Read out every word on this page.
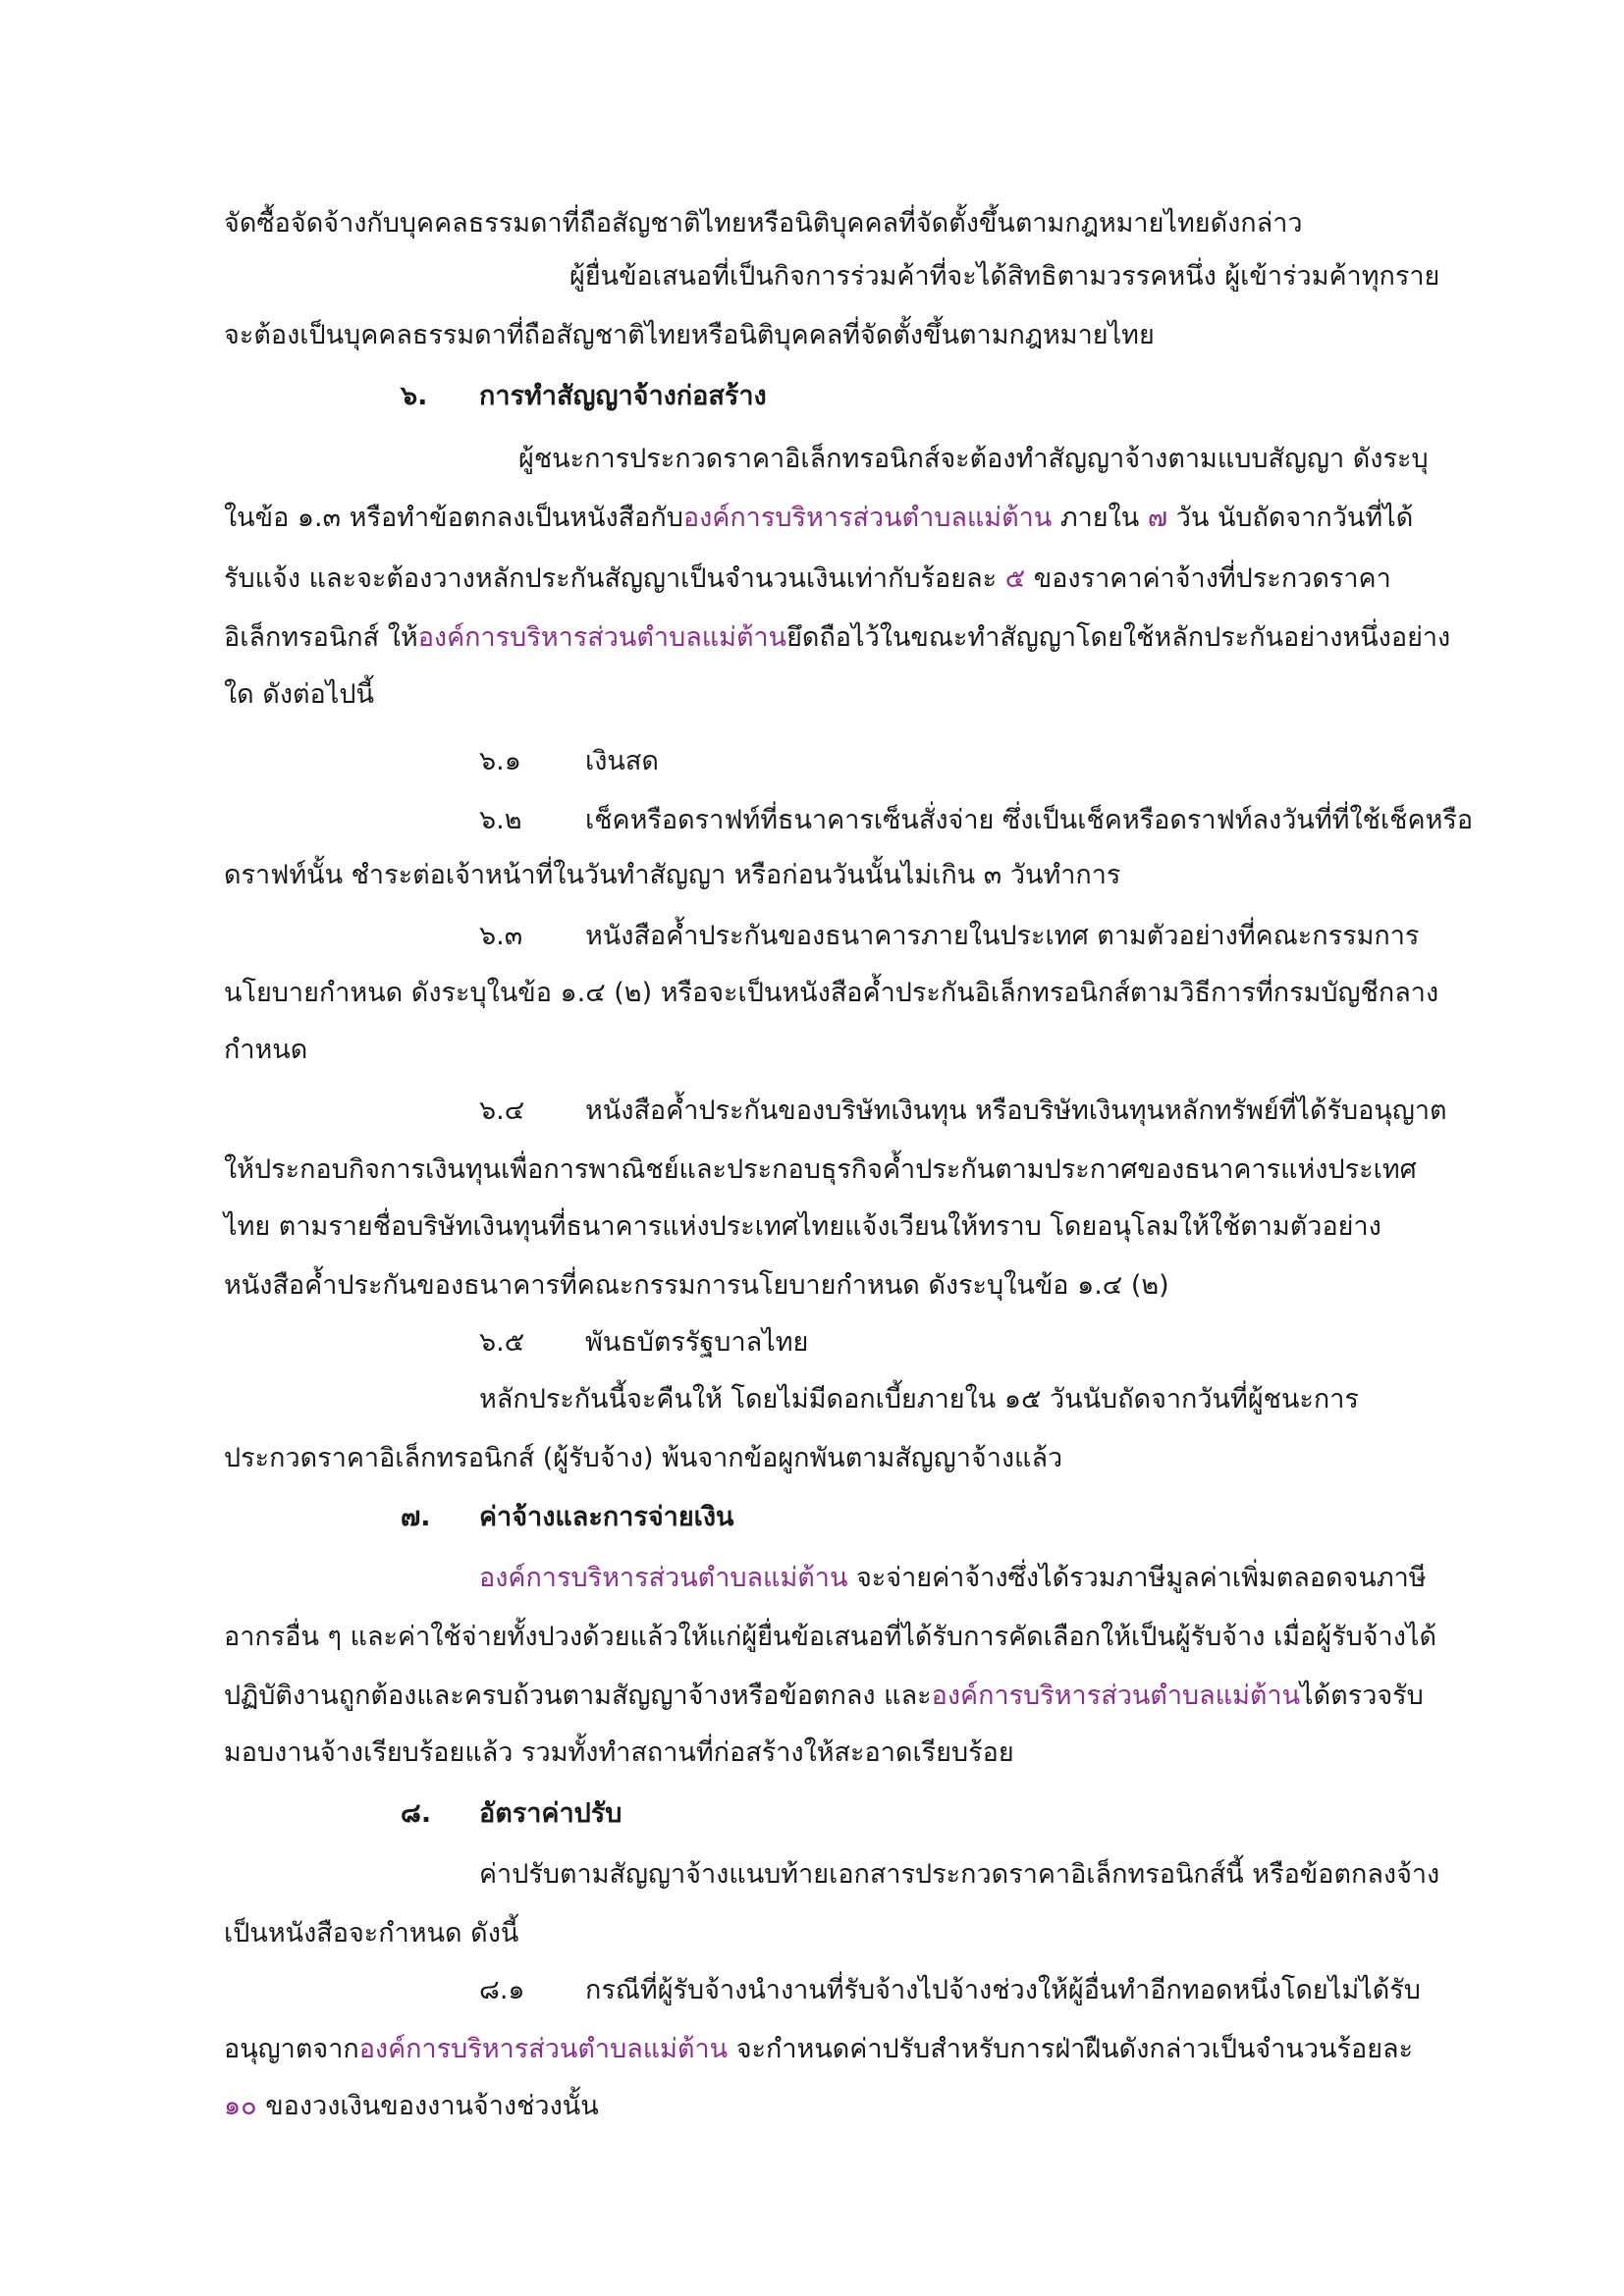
จัดซื้อจัดจ้างกับบุคคลธรรมดาที่ถือสัญชาติไทยหรือนิติบุคคลที่จัดตั้งขึ้นตามกฎหมายไทยดังกล่าว
ผู้ยื่นข้อเสนอที่เป็นกิจการร่วมค้าที่จะได้สิทธิตามวรรคหนึ่ง ผู้เข้าร่วมค้าทุกราย
จะต้องเป็นบุคคลธรรมดาที่ถือสัญชาติไทยหรือนิติบุคคลที่จัดตั้งขึ้นตามกฎหมายไทย
๖. การทำสัญญาจ้างก่อสร้าง
ผู้ชนะการประกวดราคาอิเล็กทรอนิกส์จะต้องทำสัญญาจ้างตามแบบสัญญา ดังระบุ
ในข้อ ๑.๓ หรือทำข้อตกลงเป็นหนังสือกับองค์การบริหารส่วนตำบลแม่ต้าน ภายใน ๗ วัน นับถัดจากวันที่ได้
รับแจ้ง และจะต้องวางหลักประกันสัญญาเป็นจำนวนเงินเท่ากับร้อยละ ๕ ของราคาค่าจ้างที่ประกวดราคา
อิเล็กทรอนิกส์ ให้องค์การบริหารส่วนตำบลแม่ต้านยึดถือไว้ในขณะทำสัญญาโดยใช้หลักประกันอย่างหนึ่งอย่าง
ใด ดังต่อไปนี้
๖.๑ เงินสด
๖.๒ เช็คหรือดราฟท์ที่ธนาคารเซ็นสั่งจ่าย ซึ่งเป็นเช็คหรือดราฟท์ลงวันที่ที่ใช้เช็คหรือ
ดราฟท์นั้น ชำระต่อเจ้าหน้าที่ในวันทำสัญญา หรือก่อนวันนั้นไม่เกิน ๓ วันทำการ
๖.๓ หนังสือค้ำประกันของธนาคารภายในประเทศ ตามตัวอย่างที่คณะกรรมการ
นโยบายกำหนด ดังระบุในข้อ ๑.๔ (๒) หรือจะเป็นหนังสือค้ำประกันอิเล็กทรอนิกส์ตามวิธีการที่กรมบัญชีกลาง
กำหนด
๖.๔ หนังสือค้ำประกันของบริษัทเงินทุน หรือบริษัทเงินทุนหลักทรัพย์ที่ได้รับอนุญาต
ให้ประกอบกิจการเงินทุนเพื่อการพาณิชย์และประกอบธุรกิจค้ำประกันตามประกาศของธนาคารแห่งประเทศ
ไทย ตามรายชื่อบริษัทเงินทุนที่ธนาคารแห่งประเทศไทยแจ้งเวียนให้ทราบ โดยอนุโลมให้ใช้ตามตัวอย่าง
หนังสือค้ำประกันของธนาคารที่คณะกรรมการนโยบายกำหนด ดังระบุในข้อ ๑.๔ (๒)
๖.๕ พันธบัตรรัฐบาลไทย
หลักประกันนี้จะคืนให้ โดยไม่มีดอกเบี้ยภายใน ๑๕ วันนับถัดจากวันที่ผู้ชนะการ
ประกวดราคาอิเล็กทรอนิกส์ (ผู้รับจ้าง) พ้นจากข้อผูกพันตามสัญญาจ้างแล้ว
๗. ค่าจ้างและการจ่ายเงิน
องค์การบริหารส่วนตำบลแม่ต้าน จะจ่ายค่าจ้างซึ่งได้รวมภาษีมูลค่าเพิ่มตลอดจนภาษี
อากรอื่น ๆ และค่าใช้จ่ายทั้งปวงด้วยแล้วให้แก่ผู้ยื่นข้อเสนอที่ได้รับการคัดเลือกให้เป็นผู้รับจ้าง เมื่อผู้รับจ้างได้
ปฏิบัติงานถูกต้องและครบถ้วนตามสัญญาจ้างหรือข้อตกลง และองค์การบริหารส่วนตำบลแม่ต้านได้ตรวจรับ
มอบงานจ้างเรียบร้อยแล้ว รวมทั้งทำสถานที่ก่อสร้างให้สะอาดเรียบร้อย
๘. อัตราค่าปรับ
ค่าปรับตามสัญญาจ้างแนบท้ายเอกสารประกวดราคาอิเล็กทรอนิกส์นี้ หรือข้อตกลงจ้าง
เป็นหนังสือจะกำหนด ดังนี้
๘.๑ กรณีที่ผู้รับจ้างนำงานที่รับจ้างไปจ้างช่วงให้ผู้อื่นทำอีกทอดหนึ่งโดยไม่ได้รับ
อนุญาตจากองค์การบริหารส่วนตำบลแม่ต้าน จะกำหนดค่าปรับสำหรับการฝ่าฝืนดังกล่าวเป็นจำนวนร้อยละ
๑๐ ของวงเงินของงานจ้างช่วงนั้น
